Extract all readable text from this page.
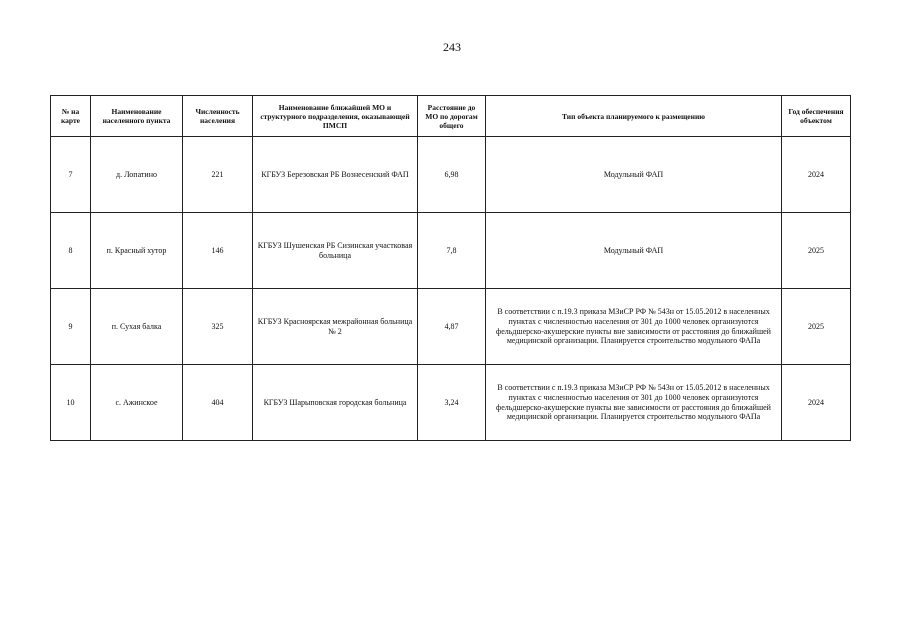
243
№ на карте	Наименование населенного пункта	Численность населения	Наименование ближайшей МО и структурного подразделения, оказывающей ПМСП	Расстояние до МО по дорогам общего	Тип объекта планируемого к размещению	Год обеспечения объектом
7	д. Лопатино	221	КГБУЗ Березовская РБ Вознесенский ФАП	6,98	Модульный ФАП	2024
8	п. Красный хутор	146	КГБУЗ Шушенская РБ Сизинская участковая больница	7,8	Модульный ФАП	2025
9	п. Сухая балка	325	КГБУЗ Красноярская межрайонная больница № 2	4,87	В соответствии с п.19.3 приказа МЗиСР РФ № 543н от 15.05.2012 в населенных пунктах с численностью населения от 301 до 1000 человек организуются фельдшерско-акушерские пункты вне зависимости от расстояния до ближайшей медицинской организации. Планируется строительство модульного ФАПа	2025
10	с. Ажинское	404	КГБУЗ Шарыповская городская больница	3,24	В соответствии с п.19.3 приказа МЗиСР РФ № 543н от 15.05.2012 в населенных пунктах с численностью населения от 301 до 1000 человек организуются фельдшерско-акушерские пункты вне зависимости от расстояния до ближайшей медицинской организации. Планируется строительство модульного ФАПа	2024
